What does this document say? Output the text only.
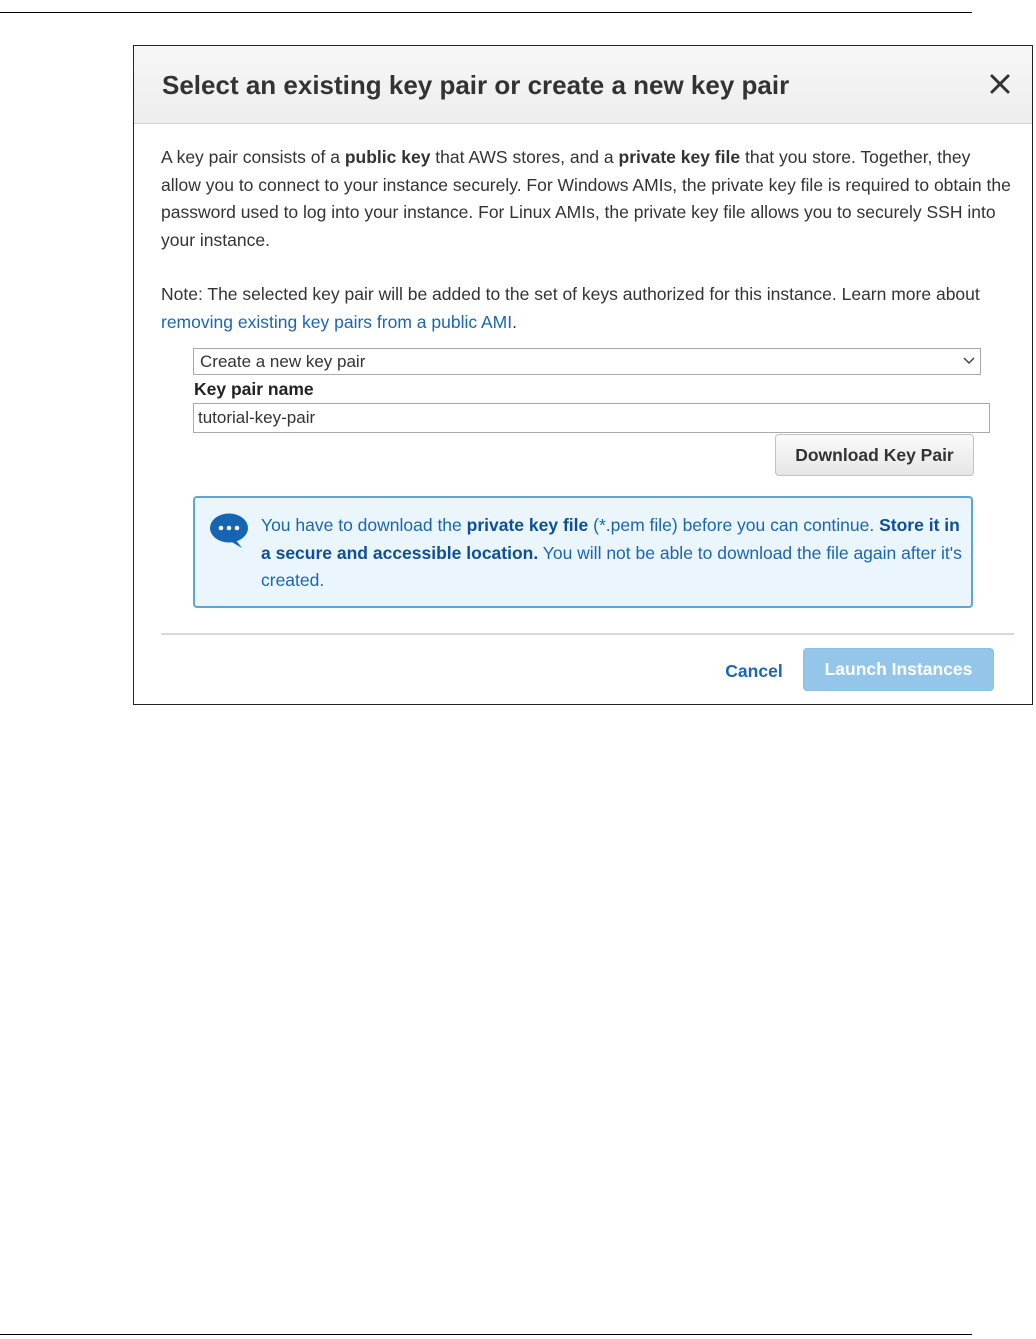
Select an existing key pair or create a new key pair

A key pair consists of a public key that AWS stores, and a private key file that you store. Together, they allow you to connect to your instance securely. For Windows AMIs, the private key file is required to obtain the password used to log into your instance. For Linux AMIs, the private key file allows you to securely SSH into your instance.

Note: The selected key pair will be added to the set of keys authorized for this instance. Learn more about removing existing key pairs from a public AMI.

Create a new key pair
Key pair name
tutorial-key-pair
Download Key Pair

You have to download the private key file (*.pem file) before you can continue. Store it in a secure and accessible location. You will not be able to download the file again after it's created.

Cancel	Launch Instances
